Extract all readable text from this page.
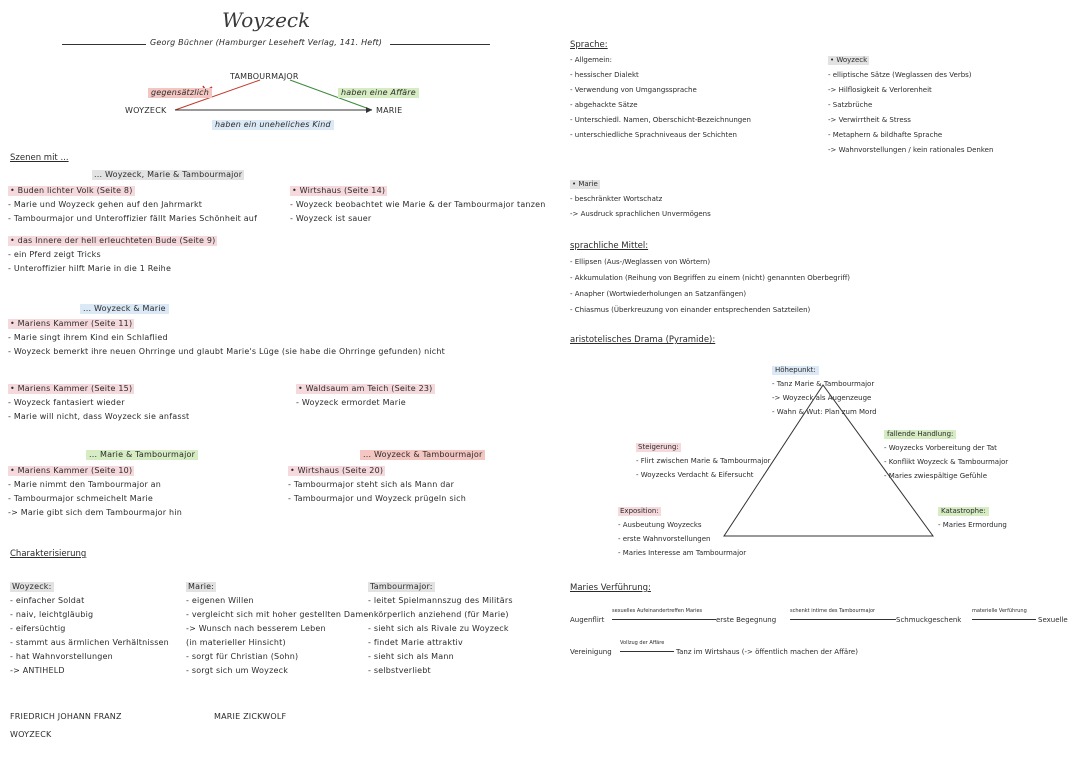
Woyzeck
Georg Büchner (Hamburger Leseheft Verlag, 141. Heft)
TAMBOURMAJOR
WOYZECK	MARIE
gegensätzlich	haben eine Affäre
haben ein uneheliches Kind
Szenen mit ...
... Woyzeck, Marie & Tambourmajor
• Buden lichter Volk (Seite 8)
- Marie und Woyzeck gehen auf den Jahrmarkt
- Tambourmajor und Unteroffizier fällt Maries Schönheit auf
• das Innere der hell erleuchteten Bude (Seite 9)
- ein Pferd zeigt Tricks
- Unteroffizier hilft Marie in die 1 Reihe
• Wirtshaus (Seite 14)
- Woyzeck beobachtet wie Marie & der Tambourmajor tanzen
- Woyzeck ist sauer
... Woyzeck & Marie
• Mariens Kammer (Seite 11)
- Marie singt ihrem Kind ein Schlaflied
- Woyzeck bemerkt ihre neuen Ohrringe und glaubt Marie's Lüge (sie habe die Ohrringe gefunden) nicht
• Mariens Kammer (Seite 15)
- Woyzeck fantasiert wieder
- Marie will nicht, dass Woyzeck sie anfasst
• Waldsaum am Teich (Seite 23)
- Woyzeck ermordet Marie
... Marie & Tambourmajor
• Mariens Kammer (Seite 10)
- Marie nimmt den Tambourmajor an
- Tambourmajor schmeichelt Marie
-> Marie gibt sich dem Tambourmajor hin
... Woyzeck & Tambourmajor
• Wirtshaus (Seite 20)
- Tambourmajor steht sich als Mann dar
- Tambourmajor und Woyzeck prügeln sich
Charakterisierung
Woyzeck:
- einfacher Soldat
- naiv, leichtgläubig
- eifersüchtig
- stammt aus ärmlichen Verhältnissen
- hat Wahnvorstellungen
-> ANTIHELD
FRIEDRICH JOHANN FRANZ
WOYZECK
Marie:
- eigenen Willen
- vergleicht sich mit hoher gestellten Damen
-> Wunsch nach besserem Leben
(in materieller Hinsicht)
- sorgt für Christian (Sohn)
- sorgt sich um Woyzeck
MARIE ZICKWOLF
Tambourmajor:
- leitet Spielmannszug des Militärs
- körperlich anziehend (für Marie)
- sieht sich als Rivale zu Woyzeck
- findet Marie attraktiv
- sieht sich als Mann
- selbstverliebt
Sprache:
- Allgemein:
- hessischer Dialekt
- Verwendung von Umgangssprache
- abgehackte Sätze
- Unterschiedl. Namen, Oberschicht-Bezeichnungen
- unterschiedliche Sprachniveaus der Schichten
• Woyzeck
- elliptische Sätze (Weglassen des Verbs)
-> Hilflosigkeit & Verlorenheit
- Satzbrüche
-> Verwirrtheit & Stress
- Metaphern & bildhafte Sprache
-> Wahnvorstellungen / kein rationales Denken
• Marie
- beschränkter Wortschatz
-> Ausdruck sprachlichen Unvermögens
sprachliche Mittel:
- Ellipsen (Aus-/Weglassen von Wörtern)
- Akkumulation (Reihung von Begriffen zu einem (nicht) genannten Oberbegriff)
- Anapher (Wortwiederholungen an Satzanfängen)
- Chiasmus (Überkreuzung von einander entsprechenden Satzteilen)
aristotelisches Drama (Pyramide):
Höhepunkt:
- Tanz Marie & Tambourmajor
-> Woyzeck als Augenzeuge
- Wahn & Wut: Plan zum Mord
Steigerung:
- Flirt zwischen Marie & Tambourmajor
- Woyzecks Verdacht & Eifersucht
fallende Handlung:
- Woyzecks Vorbereitung der Tat
- Konflikt Woyzeck & Tambourmajor
- Maries zwiespältige Gefühle
Exposition:
- Ausbeutung Woyzecks
- erste Wahnvorstellungen
- Maries Interesse am Tambourmajor
Katastrophe:
- Maries Ermordung
Maries Verführung:
Augenflirt
sexuelles Aufeinandertreffen Maries
erste Begegnung
schenkt intime des Tambourmajor
Schmuckgeschenk
materielle Verführung
Sexuelle
Vereinigung
Vollzug der Affäre
Tanz im Wirtshaus (-> öffentlich machen der Affäre)
